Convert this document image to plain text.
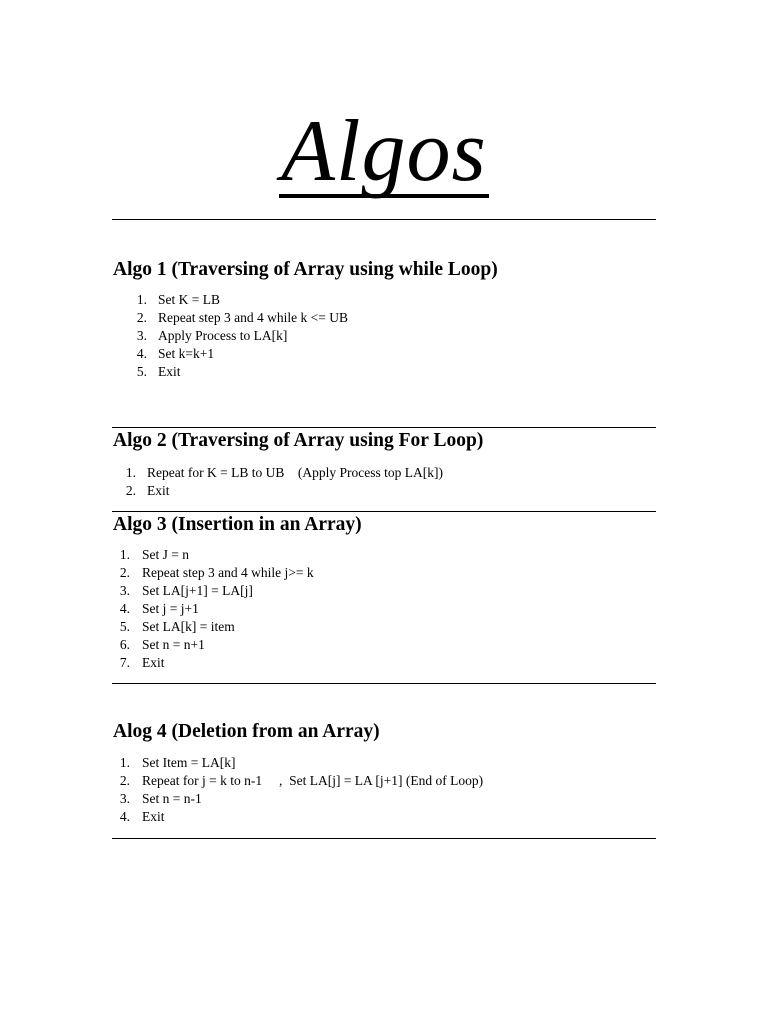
Algos
Algo 1 (Traversing of Array using while Loop)
1. Set K = LB
2. Repeat step 3 and 4 while k <= UB
3. Apply Process to LA[k]
4. Set k=k+1
5. Exit
Algo 2 (Traversing of Array using For Loop)
1. Repeat for K = LB to UB    (Apply Process top LA[k])
2. Exit
Algo 3 (Insertion in an Array)
1. Set J = n
2. Repeat step 3 and 4 while j>= k
3. Set LA[j+1] = LA[j]
4. Set j = j+1
5. Set LA[k] = item
6. Set n = n+1
7. Exit
Alog 4 (Deletion from an Array)
1. Set Item = LA[k]
2. Repeat for j = k to n-1     ,  Set LA[j] = LA [j+1] (End of Loop)
3. Set n = n-1
4. Exit
